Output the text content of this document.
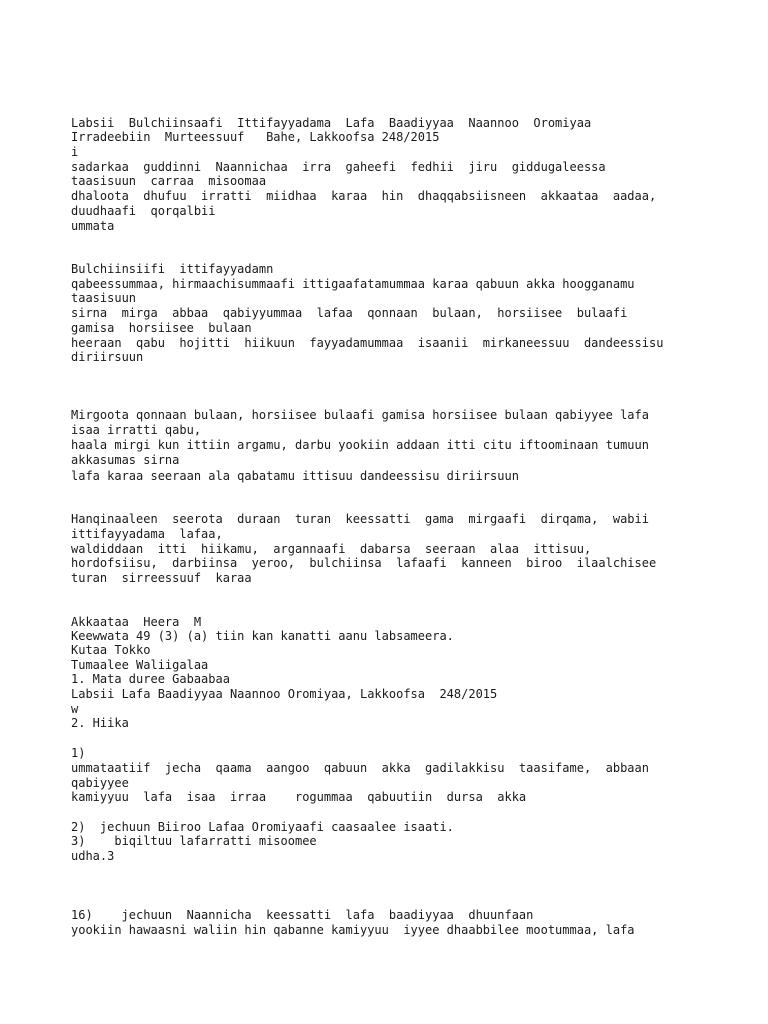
Labsii  Bulchiinsaafi  Ittifayyadama  Lafa  Baadiyyaa  Naannoo  Oromiyaa
Irradeebiin  Murteessuuf   Bahe, Lakkoofsa 248/2015
i
sadarkaa  guddinni  Naannichaa  irra  gaheefi  fedhii  jiru  giddugaleessa
taasisuun  carraa  misoomaa
dhaloota  dhufuu  irratti  miidhaa  karaa  hin  dhaqqabsiisneen  akkaataa  aadaa,
duudhaafi  qorqalbii
ummata
Bulchiinsiifi  ittifayyadamn
qabeessummaa, hirmaachisummaafi ittigaafatamummaa karaa qabuun akka hoogganamu
taasisuun
sirna  mirga  abbaa  qabiyyummaa  lafaa  qonnaan  bulaan,  horsiisee  bulaafi
gamisa  horsiisee  bulaan
heeraan  qabu  hojitti  hiikuun  fayyadamummaa  isaanii  mirkaneessuu  dandeessisu
diriirsuun
Mirgoota qonnaan bulaan, horsiisee bulaafi gamisa horsiisee bulaan qabiyyee lafa
isaa irratti qabu,
haala mirgi kun ittiin argamu, darbu yookiin addaan itti citu iftoominaan tumuun
akkasumas sirna
lafa karaa seeraan ala qabatamu ittisuu dandeessisu diriirsuun
Hanqinaaleen  seerota  duraan  turan  keessatti  gama  mirgaafi  dirqama,  wabii
ittifayyadama  lafaa,
waldiddaan  itti  hiikamu,  argannaafi  dabarsa  seeraan  alaa  ittisuu,
hordofsiisu,  darbiinsa  yeroo,  bulchiinsa  lafaafi  kanneen  biroo  ilaalchisee
turan  sirreessuuf  karaa
Akkaataa  Heera  M
Keewwata 49 (3) (a) tiin kan kanatti aanu labsameera.
Kutaa Tokko
Tumaalee Waliigalaa
1. Mata duree Gabaabaa
Labsii Lafa Baadiyyaa Naannoo Oromiyaa, Lakkoofsa  248/2015
w
2. Hiika
1)
ummataatiif  jecha  qaama  aangoo  qabuun  akka  gadilakkisu  taasifame,  abbaan
qabiyyee
kamiyyuu  lafa  isaa  irraa    rogummaa  qabuutiin  dursa  akka
2)  jechuun Biiroo Lafaa Oromiyaafi caasaalee isaati.
3)    biqiltuu lafarratti misoomee
udha.3
16)    jechuun  Naannicha  keessatti  lafa  baadiyyaa  dhuunfaan
yookiin hawaasni waliin hin qabanne kamiyyuu  iyyee dhaabbilee mootummaa, lafa
